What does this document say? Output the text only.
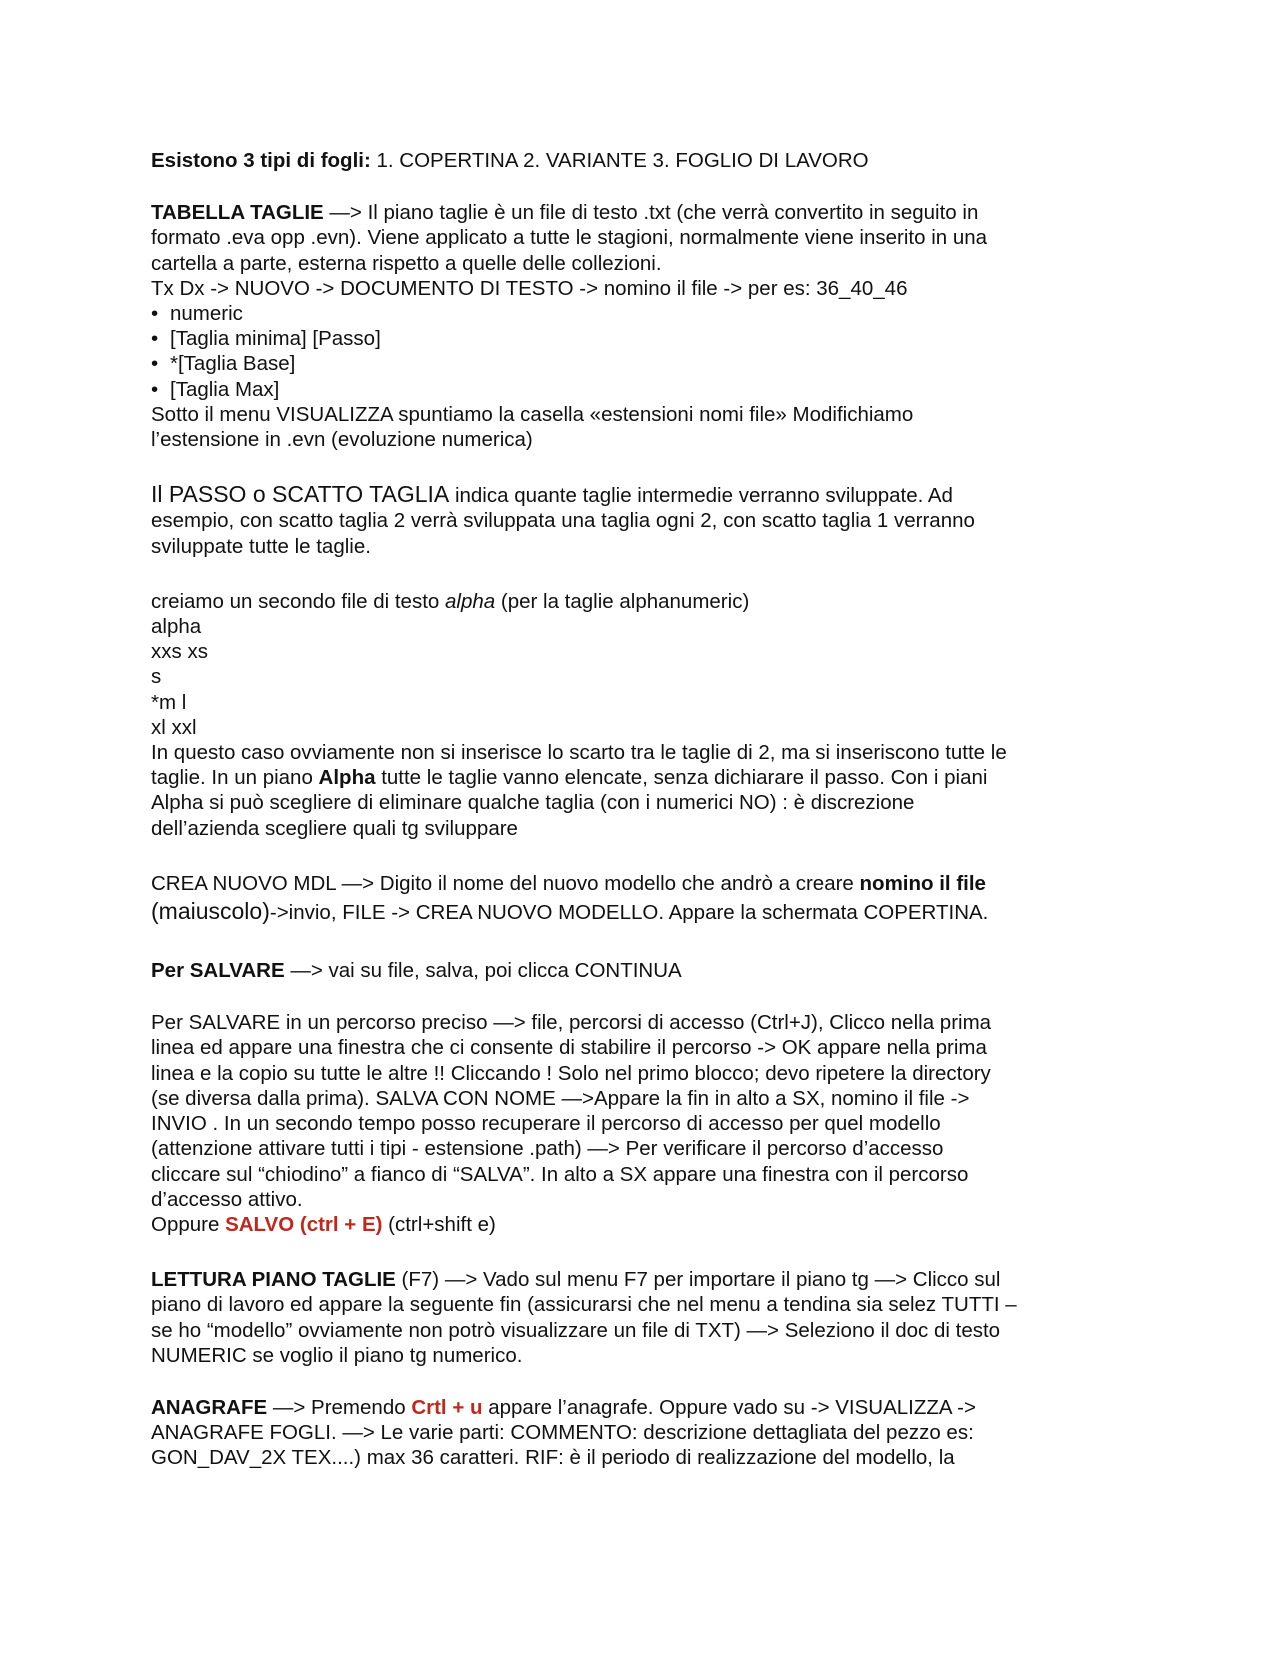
Esistono 3 tipi di fogli: 1. COPERTINA 2. VARIANTE 3. FOGLIO DI LAVORO
TABELLA TAGLIE —> Il piano taglie è un file di testo .txt (che verrà convertito in seguito in
formato .eva opp .evn). Viene applicato a tutte le stagioni, normalmente viene inserito in una
cartella a parte, esterna rispetto a quelle delle collezioni.
Tx Dx -> NUOVO -> DOCUMENTO DI TESTO -> nomino il file -> per es: 36_40_46
• numeric
• [Taglia minima] [Passo]
• *[Taglia Base]
• [Taglia Max]
Sotto il menu VISUALIZZA spuntiamo la casella «estensioni nomi file» Modifichiamo
l’estensione in .evn (evoluzione numerica)
Il PASSO o SCATTO TAGLIA indica quante taglie intermedie verranno sviluppate. Ad
esempio, con scatto taglia 2 verrà sviluppata una taglia ogni 2, con scatto taglia 1 verranno
sviluppate tutte le taglie.
creiamo un secondo file di testo alpha (per la taglie alphanumeric)
alpha
xxs xs
s
*m l
xl xxl
In questo caso ovviamente non si inserisce lo scarto tra le taglie di 2, ma si inseriscono tutte le
taglie. In un piano Alpha tutte le taglie vanno elencate, senza dichiarare il passo. Con i piani
Alpha si può scegliere di eliminare qualche taglia (con i numerici NO) : è discrezione
dell’azienda scegliere quali tg sviluppare
CREA NUOVO MDL —> Digito il nome del nuovo modello che andrò a creare nomino il file
(maiuscolo)->invio, FILE -> CREA NUOVO MODELLO. Appare la schermata COPERTINA.
Per SALVARE —> vai su file, salva, poi clicca CONTINUA
Per SALVARE in un percorso preciso —> file, percorsi di accesso (Ctrl+J), Clicco nella prima
linea ed appare una finestra che ci consente di stabilire il percorso -> OK appare nella prima
linea e la copio su tutte le altre !! Cliccando ! Solo nel primo blocco; devo ripetere la directory
(se diversa dalla prima). SALVA CON NOME —>Appare la fin in alto a SX, nomino il file ->
INVIO . In un secondo tempo posso recuperare il percorso di accesso per quel modello
(attenzione attivare tutti i tipi - estensione .path) —> Per verificare il percorso d’accesso
cliccare sul “chiodino” a fianco di “SALVA”. In alto a SX appare una finestra con il percorso
d’accesso attivo.
Oppure SALVO (ctrl + E) (ctrl+shift e)
LETTURA PIANO TAGLIE (F7) —> Vado sul menu F7 per importare il piano tg —> Clicco sul
piano di lavoro ed appare la seguente fin (assicurarsi che nel menu a tendina sia selez TUTTI –
se ho “modello” ovviamente non potrò visualizzare un file di TXT) —> Seleziono il doc di testo
NUMERIC se voglio il piano tg numerico.
ANAGRAFE —> Premendo Crtl + u appare l’anagrafe. Oppure vado su -> VISUALIZZA ->
ANAGRAFE FOGLI. —> Le varie parti: COMMENTO: descrizione dettagliata del pezzo es:
GON_DAV_2X TEX....) max 36 caratteri. RIF: è il periodo di realizzazione del modello, la
